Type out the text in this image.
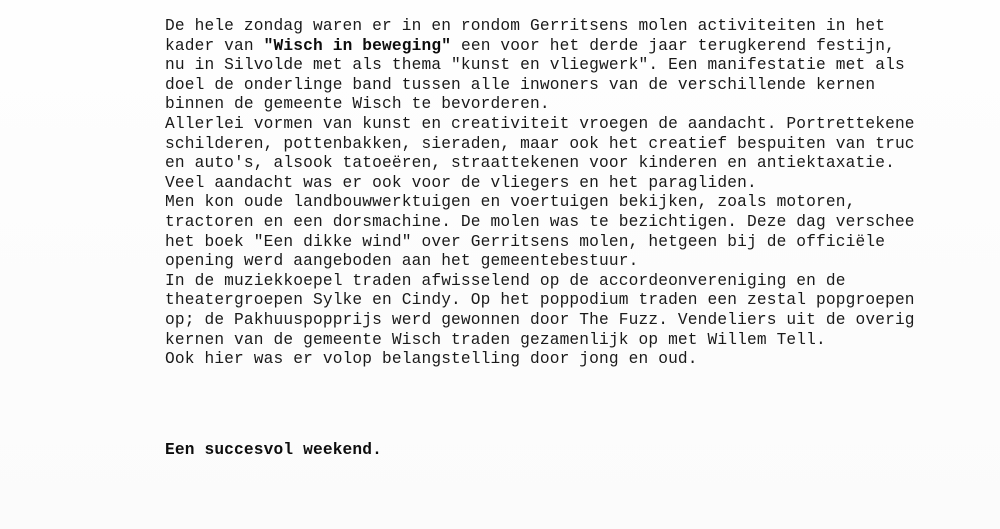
De hele zondag waren er in en rondom Gerritsens molen activiteiten in het
kader van "Wisch in beweging" een voor het derde jaar terugkerend festijn,
nu in Silvolde met als thema "kunst en vliegwerk". Een manifestatie met als
doel de onderlinge band tussen alle inwoners van de verschillende kernen
binnen de gemeente Wisch te bevorderen.
Allerlei vormen van kunst en creativiteit vroegen de aandacht. Portrettekene
schilderen, pottenbakken, sieraden, maar ook het creatief bespuiten van truc
en auto's, alsook tatoeëren, straattekenen voor kinderen en antiektaxatie.
Veel aandacht was er ook voor de vliegers en het paragliden.
Men kon oude landbouwwerktuigen en voertuigen bekijken, zoals motoren,
tractoren en een dorsmachine. De molen was te bezichtigen. Deze dag verschee
het boek "Een dikke wind" over Gerritsens molen, hetgeen bij de officiële
opening werd aangeboden aan het gemeentebestuur.
In de muziekkoepel traden afwisselend op de accordeonvereniging en de
theatergroepen Sylke en Cindy. Op het poppodium traden een zestal popgroepen
op; de Pakhuuspopprijs werd gewonnen door The Fuzz. Vendeliers uit de overig
kernen van de gemeente Wisch traden gezamenlijk op met Willem Tell.
Ook hier was er volop belangstelling door jong en oud.
Een succesvol weekend.
